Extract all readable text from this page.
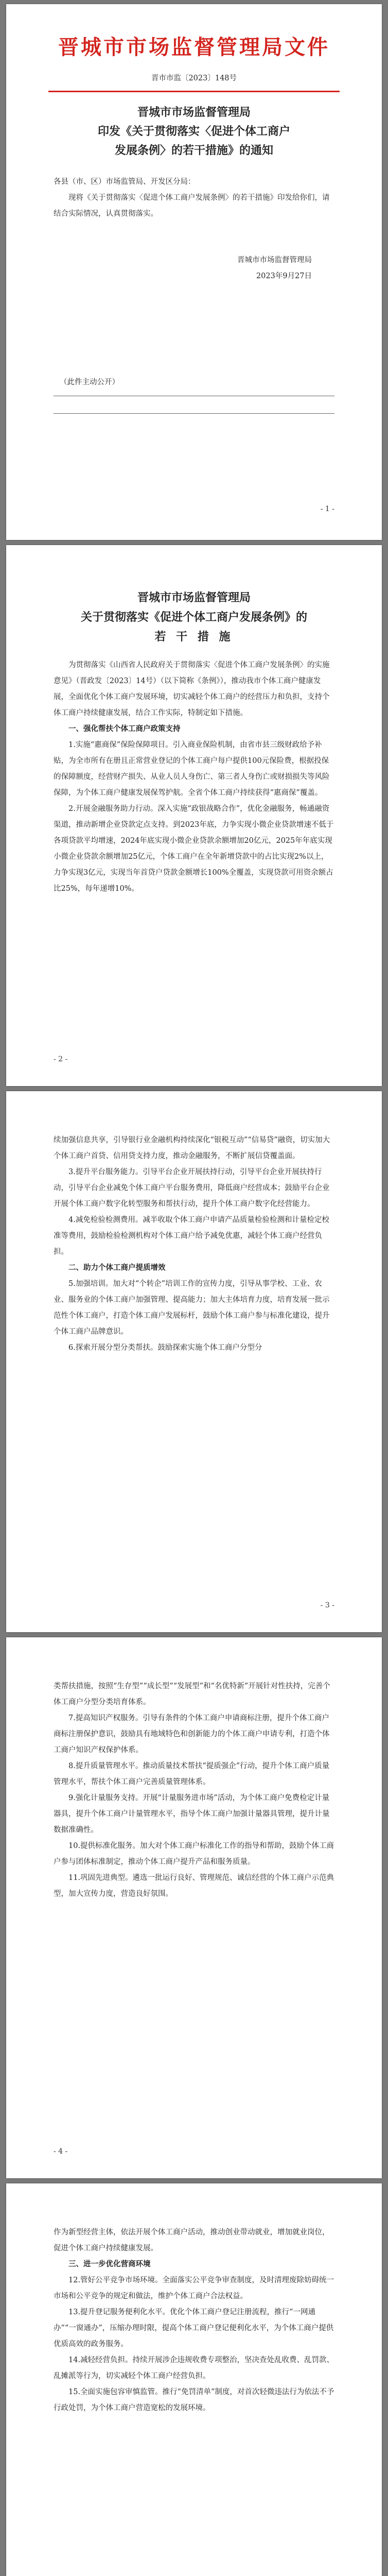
晋城市市场监督管理局文件
晋市市监〔2023〕148号
晋城市市场监督管理局
印发《关于贯彻落实〈促进个体工商户
发展条例〉的若干措施》的通知

各县（市、区）市场监管局、开发区分局：

现将《关于贯彻落实〈促进个体工商户发展条例〉的若干措施》印发给你们，请结合实际情况，认真贯彻落实。

晋城市市场监督管理局
2023年9月27日
（此件主动公开）
- 1 -
晋城市市场监督管理局
关于贯彻落实《促进个体工商户发展条例》的
若 干 措 施

为贯彻落实《山西省人民政府关于贯彻落实〈促进个体工商户发展条例〉的实施意见》（晋政发〔2023〕14号）（以下简称《条例》），推动我市个体工商户健康发展，全面优化个体工商户发展环境，切实减轻个体工商户的经营压力和负担，支持个体工商户持续健康发展，结合工作实际，特制定如下措施。

一、强化帮扶个体工商户政策支持

1.实施“惠商保”保险保障项目。引入商业保险机制，由省市县三级财政给予补贴，为全市所有在册且正常营业登记的个体工商户每户提供100元保险费，根据投保的保障额度，经营财产损失、从业人员人身伤亡、第三者人身伤亡或财损损失等风险保障，为个体工商户健康发展保驾护航。全省个体工商户持续获得“惠商保”覆盖。

2.开展金融服务助力行动。深入实施“政银战略合作”，优化金融服务，畅通融资渠道，推动新增企业贷款定点支持。到2023年底，力争实现小微企业贷款增速不低于各项贷款平均增速，2024年底实现小微企业贷款余额增加20亿元，2025年年底实现小微企业贷款余额增加25亿元，个体工商户在全年新增贷款中的占比实现2%以上，力争实现3亿元，实现当年首贷户贷款金额增长100%全覆盖，实现贷款可用资余额占比25%，每年递增10%。

- 2 -

续加强信息共享，引导银行业金融机构持续深化“银税互动”“信易贷”融资，切实加大个体工商户首贷、信用贷支持力度，推动金融服务，不断扩展信贷覆盖面。

3.提升平台服务能力。引导平台企业开展扶持行动，引导平台企业开展扶持行动，引导平台企业减免个体工商户平台服务费用，降低商户经营成本；鼓励平台企业开展个体工商户数字化转型服务和帮扶行动，提升个体工商户数字化经营能力。

4.减免检验检测费用。减半收取个体工商户申请产品质量检验检测和计量检定校准等费用，鼓励检验检测机构对个体工商户给予减免优惠，减轻个体工商户经营负担。

二、助力个体工商户提质增效

5.加强培训。加大对“个转企”培训工作的宣传力度，引导从事学校、工业、农业、服务业的个体工商户加强管理、提高能力；加大主体培育力度，培育发展一批示范性个体工商户，打造个体工商户发展标杆，鼓励个体工商户参与标准化建设，提升个体工商户品牌意识。

6.探索开展分型分类帮扶。鼓励探索实施个体工商户分型分

- 3 -

类帮扶措施，按照“生存型”“成长型”“发展型”和“名优特新”开展针对性扶持，完善个体工商户分型分类培育体系。

7.提高知识产权服务。引导有条件的个体工商户申请商标注册，提升个体工商户商标注册保护意识，鼓励具有地域特色和创新能力的个体工商户申请专利，打造个体工商户知识产权保护体系。

8.提升质量管理水平。推动质量技术帮扶“提质强企”行动，提升个体工商户质量管理水平，帮扶个体工商户完善质量管理体系。

9.强化计量服务支持。开展“计量服务进市场”活动，为个体工商户免费检定计量器具，提升个体工商户计量管理水平，指导个体工商户加强计量器具管理，提升计量数据准确性。

10.提供标准化服务。加大对个体工商户标准化工作的指导和帮助，鼓励个体工商户参与团体标准制定，推动个体工商户提升产品和服务质量。

11.巩固先进典型。遴选一批运行良好、管理规范、诚信经营的个体工商户示范典型，加大宣传力度，营造良好氛围。

- 4 -

作为新型经营主体，依法开展个体工商户活动，推动创业带动就业，增加就业岗位，促进个体工商户持续健康发展。

三、进一步优化营商环境

12.管好公平竞争市场环境。全面落实公平竞争审查制度，及时清理废除妨碍统一市场和公平竞争的规定和做法，维护个体工商户合法权益。

13.提升登记服务便利化水平。优化个体工商户登记注册流程，推行“一网通办”“一窗通办”，压缩办理时限，提高个体工商户登记便利化水平，为个体工商户提供优质高效的政务服务。

14.减轻经营负担。持续开展涉企违规收费专项整治，坚决查处乱收费、乱罚款、乱摊派等行为，切实减轻个体工商户经营负担。

15.全面实施包容审慎监管。推行“免罚清单”制度，对首次轻微违法行为依法不予行政处罚，为个体工商户营造宽松的发展环境。
